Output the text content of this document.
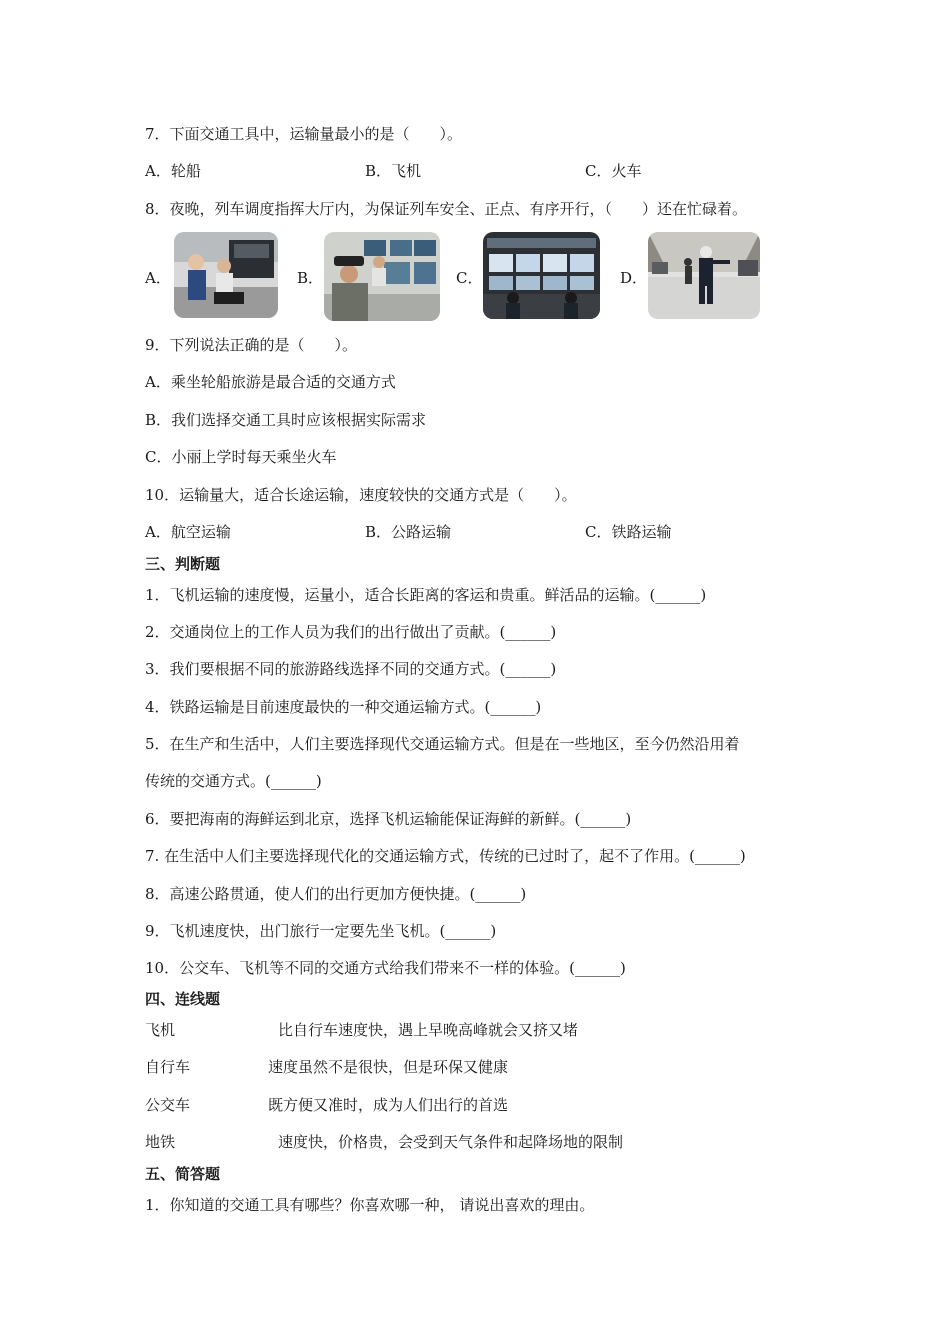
7．下面交通工具中，运输量最小的是（　　）。
A．轮船	B．飞机	C．火车
8．夜晚，列车调度指挥大厅内，为保证列车安全、正点、有序开行，（　　）还在忙碌着。
A．	B．	C．	D．
9．下列说法正确的是（　　）。
A．乘坐轮船旅游是最合适的交通方式
B．我们选择交通工具时应该根据实际需求
C．小丽上学时每天乘坐火车
10．运输量大，适合长途运输，速度较快的交通方式是（　　）。
A．航空运输	B．公路运输	C．铁路运输
三、判断题
1．飞机运输的速度慢，运量小，适合长距离的客运和贵重。鲜活品的运输。(______)
2．交通岗位上的工作人员为我们的出行做出了贡献。(______)
3．我们要根据不同的旅游路线选择不同的交通方式。(______)
4．铁路运输是目前速度最快的一种交通运输方式。(______)
5．在生产和生活中，人们主要选择现代交通运输方式。但是在一些地区，至今仍然沿用着
传统的交通方式。(______)
6．要把海南的海鲜运到北京，选择飞机运输能保证海鲜的新鲜。(______)
7. 在生活中人们主要选择现代化的交通运输方式，传统的已过时了，起不了作用。(______)
8．高速公路贯通，使人们的出行更加方便快捷。(______)
9．飞机速度快，出门旅行一定要先坐飞机。(______)
10．公交车、飞机等不同的交通方式给我们带来不一样的体验。(______)
四、连线题
飞机	比自行车速度快，遇上早晚高峰就会又挤又堵
自行车	速度虽然不是很快，但是环保又健康
公交车	既方便又准时，成为人们出行的首选
地铁	速度快，价格贵，会受到天气条件和起降场地的限制
五、简答题
1．你知道的交通工具有哪些？你喜欢哪一种， 请说出喜欢的理由。
